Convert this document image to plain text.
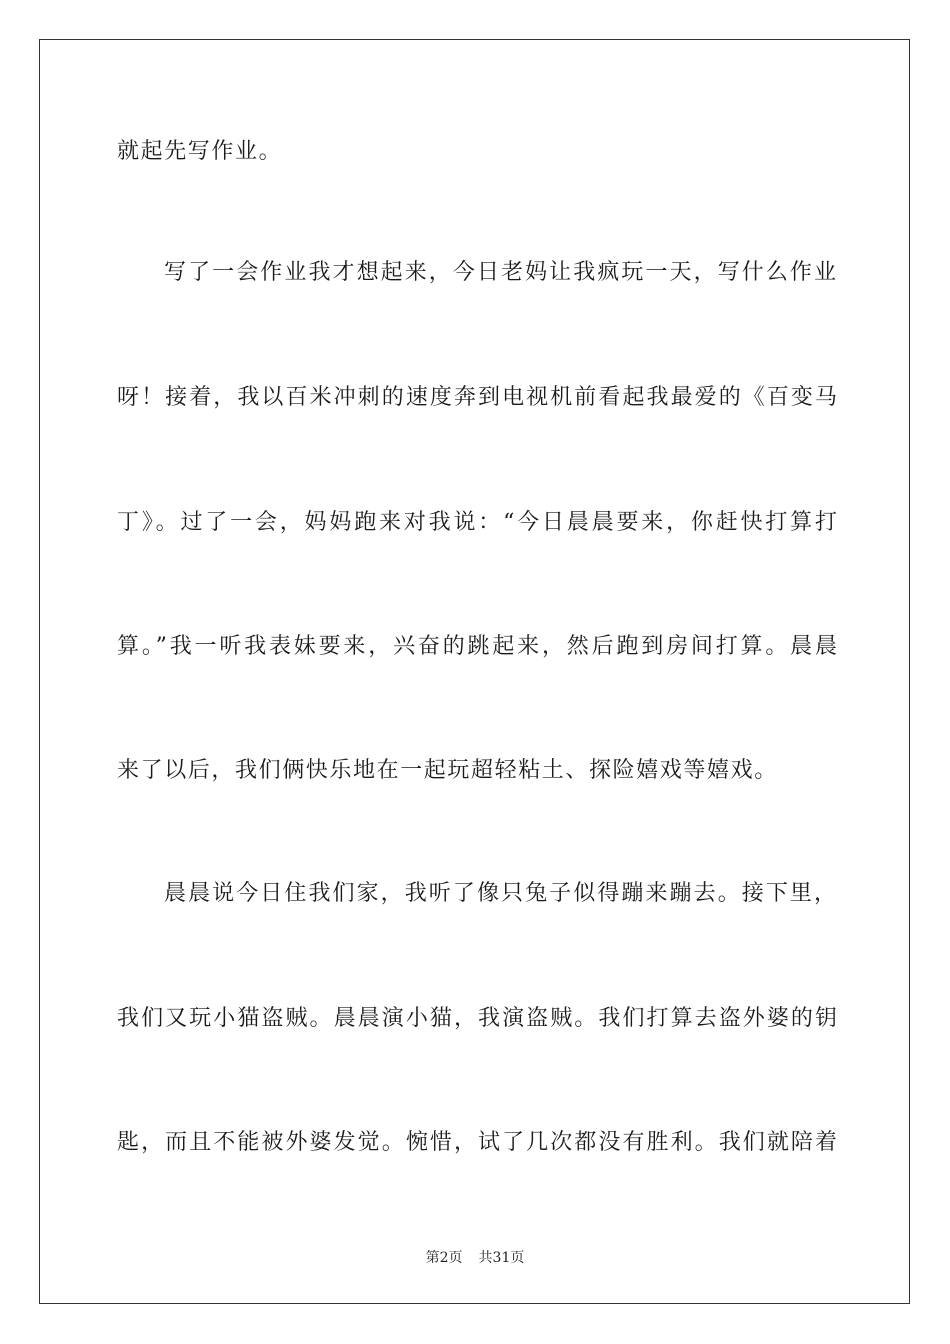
就起先写作业。
写了一会作业我才想起来，今日老妈让我疯玩一天，写什么作业
呀！接着，我以百米冲刺的速度奔到电视机前看起我最爱的《百变马
丁》。过了一会，妈妈跑来对我说：“今日晨晨要来，你赶快打算打
算。”我一听我表妹要来，兴奋的跳起来，然后跑到房间打算。晨晨
来了以后，我们俩快乐地在一起玩超轻粘土、探险嬉戏等嬉戏。
晨晨说今日住我们家，我听了像只兔子似得蹦来蹦去。接下里，
我们又玩小猫盗贼。晨晨演小猫，我演盗贼。我们打算去盗外婆的钥
匙，而且不能被外婆发觉。惋惜，试了几次都没有胜利。我们就陪着
第2页 共31页
